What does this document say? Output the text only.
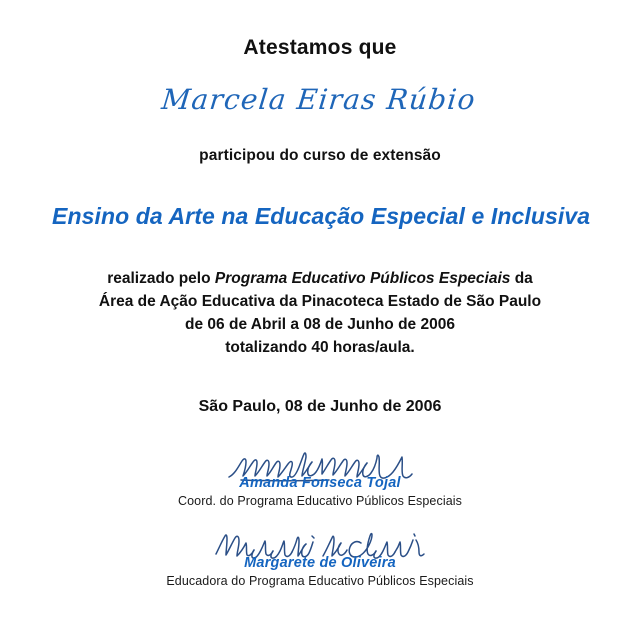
Atestamos que

Marcela Eiras Rúbio

participou do curso de extensão

Ensino da Arte na Educação Especial e Inclusiva

realizado pelo Programa Educativo Públicos Especiais da
Área de Ação Educativa da Pinacoteca Estado de São Paulo
de 06 de Abril a 08 de Junho de 2006
totalizando 40 horas/aula.

São Paulo, 08 de Junho de 2006

Amanda Fonseca Tojal

Coord. do Programa Educativo Públicos Especiais

Margarete de Oliveira

Educadora do Programa Educativo Públicos Especiais
